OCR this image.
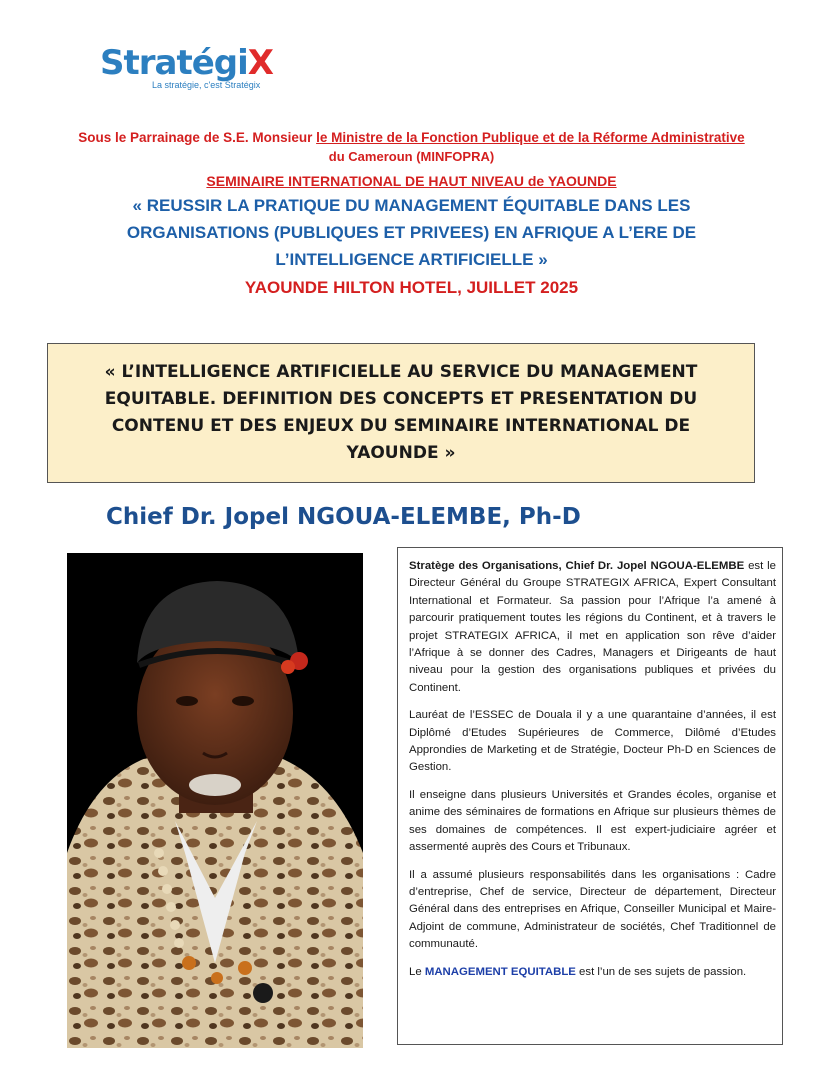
StratégiX
La stratégie, c'est Stratégix
Sous le Parrainage de S.E. Monsieur le Ministre de la Fonction Publique et de la Réforme Administrative
du Cameroun (MINFOPRA)
SEMINAIRE INTERNATIONAL DE HAUT NIVEAU de YAOUNDE
« REUSSIR LA PRATIQUE DU MANAGEMENT ÉQUITABLE DANS LES
ORGANISATIONS (PUBLIQUES ET PRIVEES) EN AFRIQUE A L’ERE DE
L’INTELLIGENCE ARTIFICIELLE »
YAOUNDE HILTON HOTEL, JUILLET 2025
« L’INTELLIGENCE ARTIFICIELLE AU SERVICE DU MANAGEMENT
EQUITABLE. DEFINITION DES CONCEPTS ET PRESENTATION DU
CONTENU ET DES ENJEUX DU SEMINAIRE INTERNATIONAL DE
YAOUNDE »
Chief Dr. Jopel NGOUA-ELEMBE, Ph-D

Stratège des Organisations, Chief Dr. Jopel NGOUA-ELEMBE est le Directeur Général du Groupe STRATEGIX AFRICA, Expert Consultant International et Formateur. Sa passion pour l’Afrique l’a amené à parcourir pratiquement toutes les régions du Continent, et à travers le projet STRATEGIX AFRICA, il met en application son rêve d’aider l’Afrique à se donner des Cadres, Managers et Dirigeants de haut niveau pour la gestion des organisations publiques et privées du Continent.

Lauréat de l’ESSEC de Douala il y a une quarantaine d’années, il est Diplômé d’Etudes Supérieures de Commerce, Dilômé d’Etudes Approndies de Marketing et de Stratégie, Docteur Ph-D en Sciences de Gestion.

Il enseigne dans plusieurs Universités et Grandes écoles, organise et anime des séminaires de formations en Afrique sur plusieurs thèmes de ses domaines de compétences. Il est expert-judiciaire agréer et assermenté auprès des Cours et Tribunaux.

Il a assumé plusieurs responsabilités dans les organisations : Cadre d’entreprise, Chef de service, Directeur de département, Directeur Général dans des entreprises en Afrique, Conseiller Municipal et Maire-Adjoint de commune, Administrateur de sociétés, Chef Traditionnel de communauté.

Le MANAGEMENT EQUITABLE est l’un de ses sujets de passion.
